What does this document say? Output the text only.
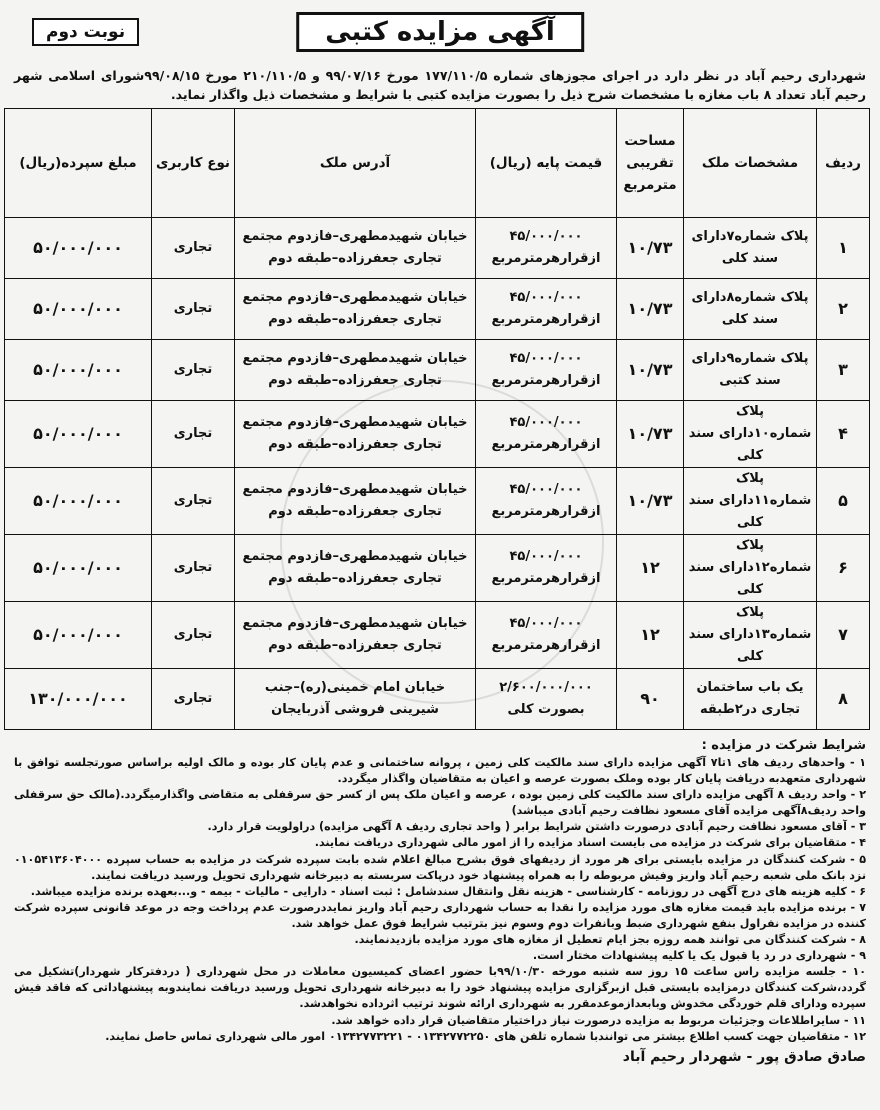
آگهی مزایده کتبی
نوبت دوم
شهرداری رحیم آباد در نظر دارد در اجرای مجوزهای شماره ۱۷۷/۱۱۰/۵ مورخ ۹۹/۰۷/۱۶ و ۲۱۰/۱۱۰/۵ مورخ ۹۹/۰۸/۱۵شورای اسلامی شهر رحیم آباد تعداد ۸ باب مغازه با مشخصات شرح ذیل را بصورت مزایده کتبی با شرایط و مشخصات ذیل واگذار نماید.
ردیف	مشخصات ملک	مساحت تقریبی مترمربع	قیمت پایه (ریال)	آدرس ملک	نوع کاربری	مبلغ سپرده(ریال)
۱	پلاک شماره۷دارای سند کلی	۱۰/۷۳	۴۵/۰۰۰/۰۰۰ ازقرارهرمترمربع	خیابان شهیدمطهری–فازدوم مجتمع تجاری جعفرزاده–طبقه دوم	تجاری	۵۰/۰۰۰/۰۰۰
۲	پلاک شماره۸دارای سند کلی	۱۰/۷۳	۴۵/۰۰۰/۰۰۰ ازقرارهرمترمربع	خیابان شهیدمطهری–فازدوم مجتمع تجاری جعفرزاده–طبقه دوم	تجاری	۵۰/۰۰۰/۰۰۰
۳	پلاک شماره۹دارای سند کتبی	۱۰/۷۳	۴۵/۰۰۰/۰۰۰ ازقرارهرمترمربع	خیابان شهیدمطهری–فازدوم مجتمع تجاری جعفرزاده–طبقه دوم	تجاری	۵۰/۰۰۰/۰۰۰
۴	پلاک شماره۱۰دارای سند کلی	۱۰/۷۳	۴۵/۰۰۰/۰۰۰ ازقرارهرمترمربع	خیابان شهیدمطهری–فازدوم مجتمع تجاری جعفرزاده–طبقه دوم	تجاری	۵۰/۰۰۰/۰۰۰
۵	پلاک شماره۱۱دارای سند کلی	۱۰/۷۳	۴۵/۰۰۰/۰۰۰ ازقرارهرمترمربع	خیابان شهیدمطهری–فازدوم مجتمع تجاری جعفرزاده–طبقه دوم	تجاری	۵۰/۰۰۰/۰۰۰
۶	پلاک شماره۱۲دارای سند کلی	۱۲	۴۵/۰۰۰/۰۰۰ ازقرارهرمترمربع	خیابان شهیدمطهری–فازدوم مجتمع تجاری جعفرزاده–طبقه دوم	تجاری	۵۰/۰۰۰/۰۰۰
۷	پلاک شماره۱۳دارای سند کلی	۱۲	۴۵/۰۰۰/۰۰۰ ازقرارهرمترمربع	خیابان شهیدمطهری–فازدوم مجتمع تجاری جعفرزاده–طبقه دوم	تجاری	۵۰/۰۰۰/۰۰۰
۸	یک باب ساختمان تجاری در۲طبقه	۹۰	۲/۶۰۰/۰۰۰/۰۰۰ بصورت کلی	خیابان امام خمینی(ره)–جنب شیرینی فروشی آذربایجان	تجاری	۱۳۰/۰۰۰/۰۰۰
شرایط شرکت در مزایده :

۱ - واحدهای ردیف های ۱تا۷ آگهی مزایده دارای سند مالکیت کلی زمین ، پروانه ساختمانی و عدم پایان کار بوده و مالک اولیه براساس صورتجلسه توافق با شهرداری متعهدبه دریافت پایان کار بوده وملک بصورت عرصه و اعیان به متقاضیان واگذار میگردد.

۲ - واحد ردیف ۸ آگهی مزایده دارای سند مالکیت کلی زمین بوده ، عرصه و اعیان ملک پس از کسر حق سرقفلی به متقاضی واگذارمیگردد.(مالک حق سرقفلی واحد ردیف۸آگهی مزایده آقای مسعود نظافت رحیم آبادی میباشد)

۳ - آقای مسعود نظافت رحیم آبادی درصورت داشتن شرایط برابر ( واحد تجاری ردیف ۸ آگهی مزایده) دراولویت قرار دارد.

۴ - متقاضیان برای شرکت در مزایده می بایست اسناد مزایده را از امور مالی شهرداری دریافت نمایند.

۵ - شرکت کنندگان در مزایده بایستی برای هر مورد از ردیفهای فوق بشرح مبالغ اعلام شده بابت سپرده شرکت در مزایده به حساب سپرده ۰۱۰۵۴۱۳۶۰۴۰۰۰ نزد بانک ملی شعبه رحیم آباد واریز وفیش مربوطه را به همراه پیشنهاد خود درپاکت سربسته به دبیرخانه شهرداری تحویل ورسید دریافت نمایند.

۶ - کلیه هزینه های درج آگهی در روزنامه - کارشناسی - هزینه نقل وانتقال سندشامل : ثبت اسناد - دارایی - مالیات - بیمه - و...بعهده برنده مزایده میباشد.

۷ - برنده مزایده باید قیمت مغازه های مورد مزایده را نقدا به حساب شهرداری رحیم آباد واریز نمایددرصورت عدم پرداخت وجه در موعد قانونی سپرده شرکت کننده در مزایده نفراول بنفع شهرداری ضبط وبانفرات دوم وسوم نیز بترتیب شرایط فوق عمل خواهد شد.

۸ - شرکت کنندگان می توانند همه روزه بجز ایام تعطیل از مغازه های مورد مزایده بازدیدنمایند.

۹ - شهرداری در رد یا قبول یک یا کلیه پیشنهادات مختار است.

۱۰ - جلسه مزایده راس ساعت ۱۵ روز سه شنبه مورخه ۹۹/۱۰/۳۰با حضور اعضای کمیسیون معاملات در محل شهرداری ( دردفترکار شهردار)تشکیل می گردد،شرکت کنندگان درمزایده بایستی قبل ازبرگزاری مزایده پیشنهاد خود را به دبیرخانه شهرداری تحویل ورسید دریافت نمایندوبه پیشنهاداتی که فاقد فیش سپرده ودارای قلم خوردگی مخدوش وبابعدازموعدمقرر به شهرداری ارائه شوند ترتیب اثرداده نخواهدشد.

۱۱ - سایراطلاعات وجزئیات مربوط به مزایده درصورت نیاز دراختیار متقاضیان قرار داده خواهد شد.

۱۲ - متقاضیان جهت کسب اطلاع بیشتر می توانندبا شماره تلفن های ۰۱۳۴۲۷۷۲۲۵۰ - ۰۱۳۴۲۷۷۳۲۲۱ امور مالی شهرداری تماس حاصل نمایند.

صادق صادق پور - شهردار رحیم آباد
